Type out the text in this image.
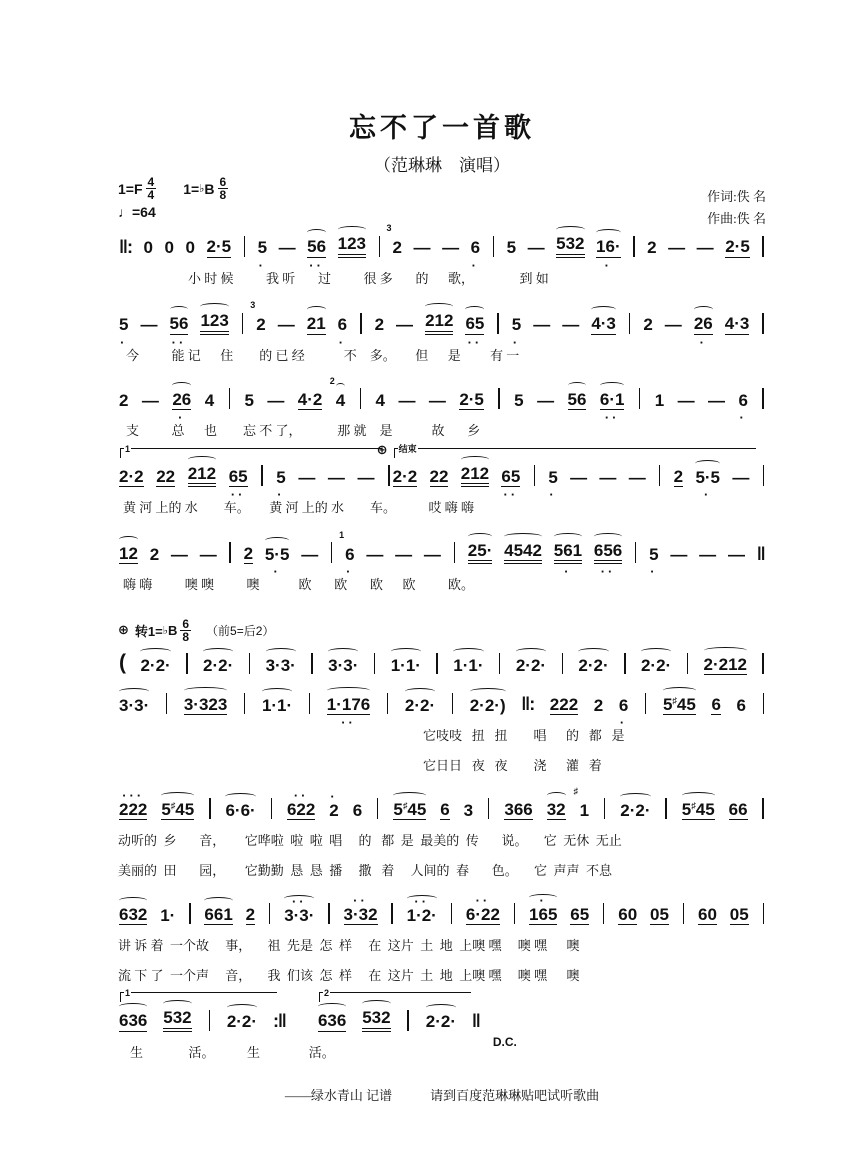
忘不了一首歌
（范琳琳　演唱）
$1=F \frac{4}{4} 1=$ ♭ B $\frac{6}{8}$
♩=64
作词:佚 名
作曲:佚 名
‖: 0 0 0 2·5 5
·
— 56
··
123 2
3
— — 6
·
5 — 532 16·
·
2 — — 2·5
小 时 候          我 听       过          很 多       的      歌，              到 如
5
·
— 56
··
123 2
3
— 21 6
·
2 — 212 65
··
5
·
— — 4·3 2 — 26
·
4·3
今          能 记      住        的 已 经            不    多。      但      是         有 一
2 — 26
·
4 5 — 4·2 4
2
4 — — 2·5 5 — 56 6·1
··
1 — — 6
·
支          总      也        忘 不 了，           那 就    是            故       乡
1
2·2 22 212 65
··
5
·
— — —
结束
⊕
2·2 22 212 65
··
5
·
— — — 2 5·5
·
—
黄 河 上的 水        车。      黄 河 上的 水        车。          哎 嗨 嗨
12 2 — — 2 5·5
·
— 6
1
·
— — — 25· 4542 561
·
656
··
5
·
— — — ‖
嗨 嗨          噢 噢          噢            欧       欧       欧      欧          欧。
⊕ 转1= ♭ B $\frac{6}{8}$ （前5=后2）
( 2·2· 2·2· 3·3· 3·3· 1·1· 1·1· 2·2· 2·2· 2·2· 2·212
3·3· 3·323 1·1· 1·176
··
2·2· 2·2·) ‖: 222 2 6
·
5♯45 6 6
它吱吱   扭   扭        唱      的   都   是
它日日   夜   夜        浇      灌   着
222
···
5♯45 6·6· 622
··
2
·
6 5♯45 6 3 366 32 1
♯
2·2· 5♯45 66
动听的  乡       音，      它哗啦  啦  啦  唱     的   都  是  最美的  传       说。     它  无休  无止
美丽的  田       园，      它勤勤  恳  恳  播     撒   着     人间的  春       色。     它  声声  不息
632 1· 661 2 3·3·
··
3·32
··
1·2·
··
6·22
··
165
·
65 60 05 60 05
讲 诉 着  一个故     事，     祖  先是  怎  样     在  这片  土  地  上噢 嘿     噢 嘿      噢
流 下 了  一个声     音，     我  们该  怎  样     在  这片  土  地  上噢 嘿     噢 嘿      噢
1
636 532 2·2· :‖
2
D.C.
636 532 2·2· ‖
生              活。          生               活。
——绿水青山 记谱	请到百度范琳琳贴吧试听歌曲
